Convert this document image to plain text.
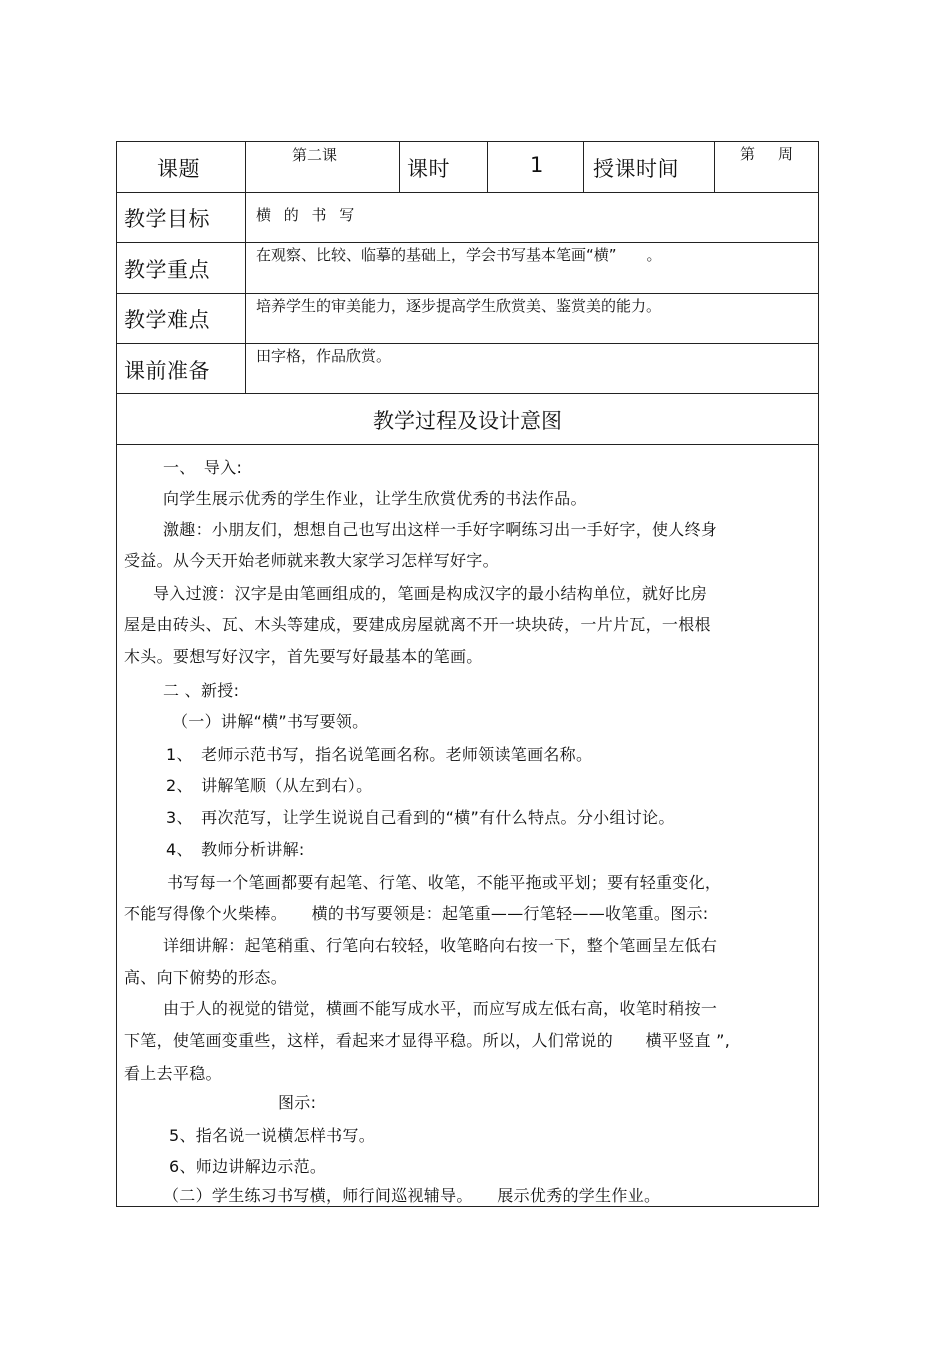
课题
第二课
课时	1 授课时间
第 周
教学目标	横 的 书 写
教学重点
在观察、比较、临摹的基础上，学会书写基本笔画“横”　　。
教学难点
培养学生的审美能力，逐步提高学生欣赏美、鉴赏美的能力。
课前准备
田字格，作品欣赏。
教学过程及设计意图
一、　导入:
向学生展示优秀的学生作业，让学生欣赏优秀的书法作品。
激趣：小朋友们，想想自己也写出这样一手好字啊练习出一手好字，使人终身
受益。从今天开始老师就来教大家学习怎样写好字。
导入过渡：汉字是由笔画组成的，笔画是构成汉字的最小结构单位，就好比房
屋是由砖头、瓦、木头等建成，要建成房屋就离不开一块块砖，一片片瓦，一根根
木头。要想写好汉字，首先要写好最基本的笔画。
二 、新授:
（一）讲解“横”书写要领。
1、　老师示范书写，指名说笔画名称。老师领读笔画名称。
2、　讲解笔顺（从左到右）。
3、　再次范写，让学生说说自己看到的“横”有什么特点。分小组讨论。
4、　教师分析讲解:
书写每一个笔画都要有起笔、行笔、收笔，不能平拖或平划；要有轻重变化，
不能写得像个火柴棒。　　横的书写要领是：起笔重——行笔轻——收笔重。图示:
详细讲解：起笔稍重、行笔向右较轻，收笔略向右按一下，整个笔画呈左低右
高、向下俯势的形态。
由于人的视觉的错觉，横画不能写成水平，而应写成左低右高，收笔时稍按一
下笔，使笔画变重些，这样，看起来才显得平稳。所以，人们常说的　　横平竖直 ”,
看上去平稳。
图示:
5、指名说一说横怎样书写。
6、师边讲解边示范。
（二）学生练习书写横，师行间巡视辅导。　　展示优秀的学生作业。
